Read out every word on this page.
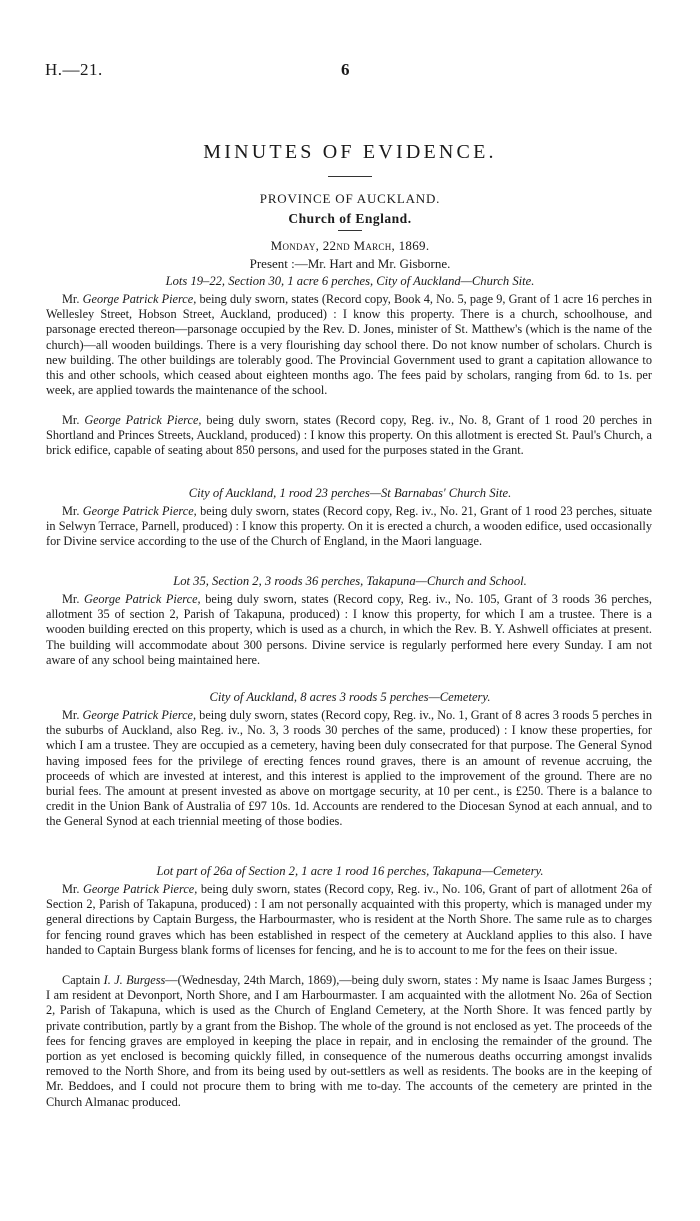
H.—21.	6
MINUTES OF EVIDENCE.
PROVINCE OF AUCKLAND.
Church of England.
Monday, 22nd March, 1869.
Present :—Mr. Hart and Mr. Gisborne.
Lots 19–22, Section 30, 1 acre 6 perches, City of Auckland—Church Site.

Mr. George Patrick Pierce, being duly sworn, states (Record copy, Book 4, No. 5, page 9, Grant of 1 acre 16 perches in Wellesley Street, Hobson Street, Auckland, produced) : I know this property. There is a church, schoolhouse, and parsonage erected thereon—parsonage occupied by the Rev. D. Jones, minister of St. Matthew's (which is the name of the church)—all wooden buildings. There is a very flourishing day school there. Do not know number of scholars. Church is new building. The other buildings are tolerably good. The Provincial Government used to grant a capitation allowance to this and other schools, which ceased about eighteen months ago. The fees paid by scholars, ranging from 6d. to 1s. per week, are applied towards the maintenance of the school.

Mr. George Patrick Pierce, being duly sworn, states (Record copy, Reg. iv., No. 8, Grant of 1 rood 20 perches in Shortland and Princes Streets, Auckland, produced) : I know this property. On this allotment is erected St. Paul's Church, a brick edifice, capable of seating about 850 persons, and used for the purposes stated in the Grant.

City of Auckland, 1 rood 23 perches—St Barnabas' Church Site.

Mr. George Patrick Pierce, being duly sworn, states (Record copy, Reg. iv., No. 21, Grant of 1 rood 23 perches, situate in Selwyn Terrace, Parnell, produced) : I know this property. On it is erected a church, a wooden edifice, used occasionally for Divine service according to the use of the Church of England, in the Maori language.

Lot 35, Section 2, 3 roods 36 perches, Takapuna—Church and School.

Mr. George Patrick Pierce, being duly sworn, states (Record copy, Reg. iv., No. 105, Grant of 3 roods 36 perches, allotment 35 of section 2, Parish of Takapuna, produced) : I know this property, for which I am a trustee. There is a wooden building erected on this property, which is used as a church, in which the Rev. B. Y. Ashwell officiates at present. The building will accommodate about 300 persons. Divine service is regularly performed here every Sunday. I am not aware of any school being maintained here.

City of Auckland, 8 acres 3 roods 5 perches—Cemetery.

Mr. George Patrick Pierce, being duly sworn, states (Record copy, Reg. iv., No. 1, Grant of 8 acres 3 roods 5 perches in the suburbs of Auckland, also Reg. iv., No. 3, 3 roods 30 perches of the same, produced) : I know these properties, for which I am a trustee. They are occupied as a cemetery, having been duly consecrated for that purpose. The General Synod having imposed fees for the privilege of erecting fences round graves, there is an amount of revenue accruing, the proceeds of which are invested at interest, and this interest is applied to the improvement of the ground. There are no burial fees. The amount at present invested as above on mortgage security, at 10 per cent., is £250. There is a balance to credit in the Union Bank of Australia of £97 10s. 1d. Accounts are rendered to the Diocesan Synod at each annual, and to the General Synod at each triennial meeting of those bodies.

Lot part of 26a of Section 2, 1 acre 1 rood 16 perches, Takapuna—Cemetery.

Mr. George Patrick Pierce, being duly sworn, states (Record copy, Reg. iv., No. 106, Grant of part of allotment 26a of Section 2, Parish of Takapuna, produced) : I am not personally acquainted with this property, which is managed under my general directions by Captain Burgess, the Harbourmaster, who is resident at the North Shore. The same rule as to charges for fencing round graves which has been established in respect of the cemetery at Auckland applies to this also. I have handed to Captain Burgess blank forms of licenses for fencing, and he is to account to me for the fees on their issue.

Captain I. J. Burgess—(Wednesday, 24th March, 1869),—being duly sworn, states : My name is Isaac James Burgess ; I am resident at Devonport, North Shore, and I am Harbourmaster. I am acquainted with the allotment No. 26a of Section 2, Parish of Takapuna, which is used as the Church of England Cemetery, at the North Shore. It was fenced partly by private contribution, partly by a grant from the Bishop. The whole of the ground is not enclosed as yet. The proceeds of the fees for fencing graves are employed in keeping the place in repair, and in enclosing the remainder of the ground. The portion as yet enclosed is becoming quickly filled, in consequence of the numerous deaths occurring amongst invalids removed to the North Shore, and from its being used by out-settlers as well as residents. The books are in the keeping of Mr. Beddoes, and I could not procure them to bring with me to-day. The accounts of the cemetery are printed in the Church Almanac produced.
